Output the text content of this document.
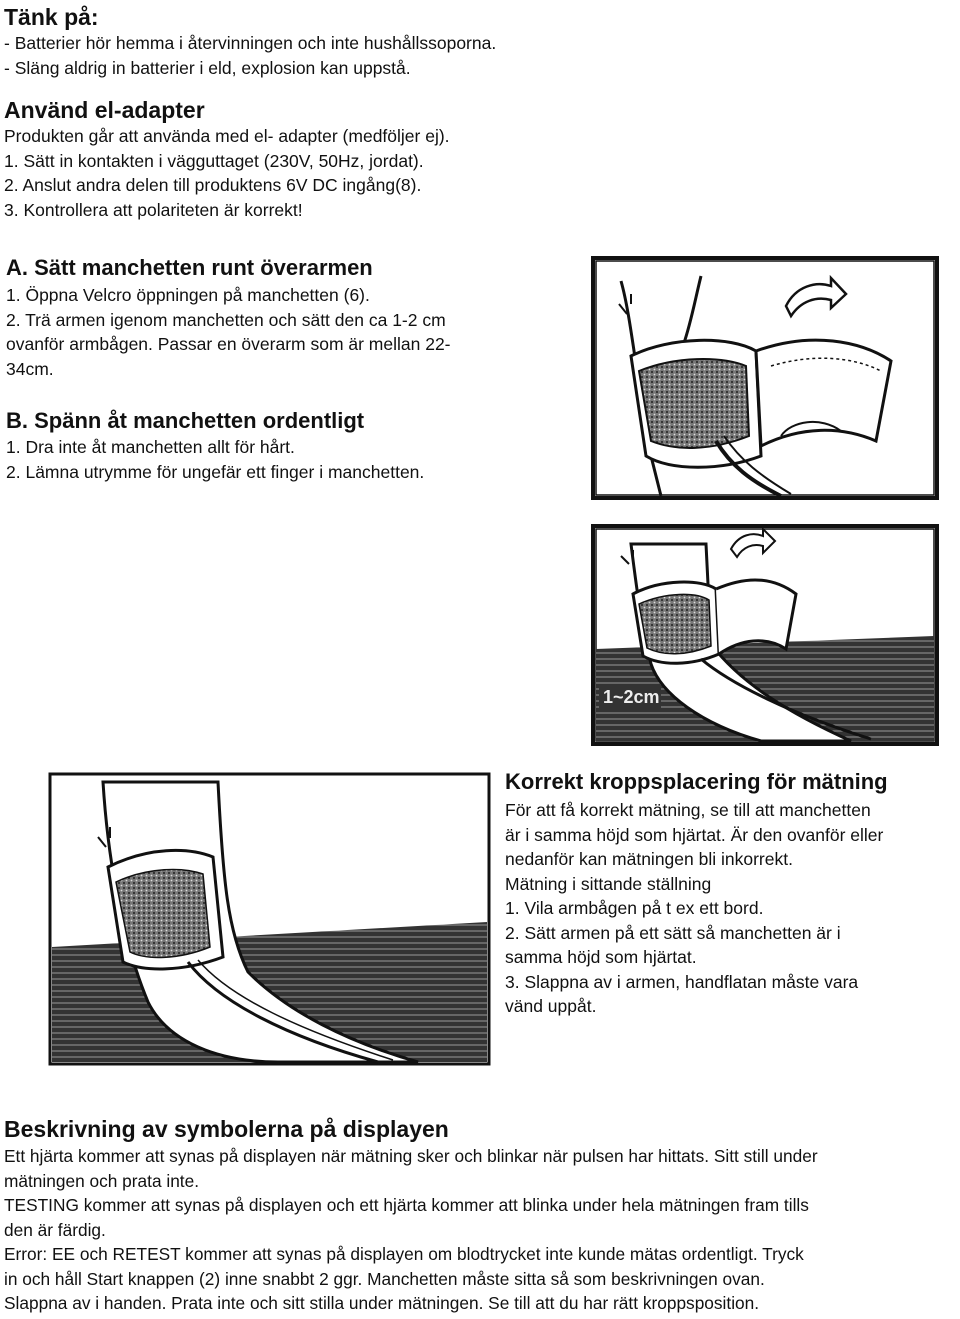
Tänk på:
- Batterier hör hemma i återvinningen och inte hushållssoporna.
- Släng aldrig in batterier i eld, explosion kan uppstå.
Använd el-adapter
Produkten går att använda med el- adapter (medföljer ej).
1. Sätt in kontakten i vägguttaget (230V, 50Hz, jordat).
2. Anslut andra delen till produktens 6V DC ingång(8).
3. Kontrollera att polariteten är korrekt!
A. Sätt manchetten runt överarmen
1. Öppna Velcro öppningen på manchetten (6).
2. Trä armen igenom manchetten och sätt den ca 1-2 cm
ovanför armbågen. Passar en överarm som är mellan 22-
34cm.
B. Spänn åt manchetten ordentligt
1. Dra inte åt manchetten allt för hårt.
2. Lämna utrymme för ungefär ett finger i manchetten.
1~2cm
Korrekt kroppsplacering för mätning
För att få korrekt mätning, se till att manchetten
är i samma höjd som hjärtat. Är den ovanför eller
nedanför kan mätningen bli inkorrekt.
Mätning i sittande ställning
1. Vila armbågen på t ex ett bord.
2. Sätt armen på ett sätt så manchetten är i
samma höjd som hjärtat.
3. Slappna av i armen, handflatan måste vara
vänd uppåt.
Beskrivning av symbolerna på displayen
Ett hjärta kommer att synas på displayen när mätning sker och blinkar när pulsen har hittats. Sitt still under
mätningen och prata inte.
TESTING kommer att synas på displayen och ett hjärta kommer att blinka under hela mätningen fram tills
den är färdig.
Error: EE och RETEST kommer att synas på displayen om blodtrycket inte kunde mätas ordentligt. Tryck
in och håll Start knappen (2) inne snabbt 2 ggr. Manchetten måste sitta så som beskrivningen ovan.
Slappna av i handen. Prata inte och sitt stilla under mätningen. Se till att du har rätt kroppsposition.
